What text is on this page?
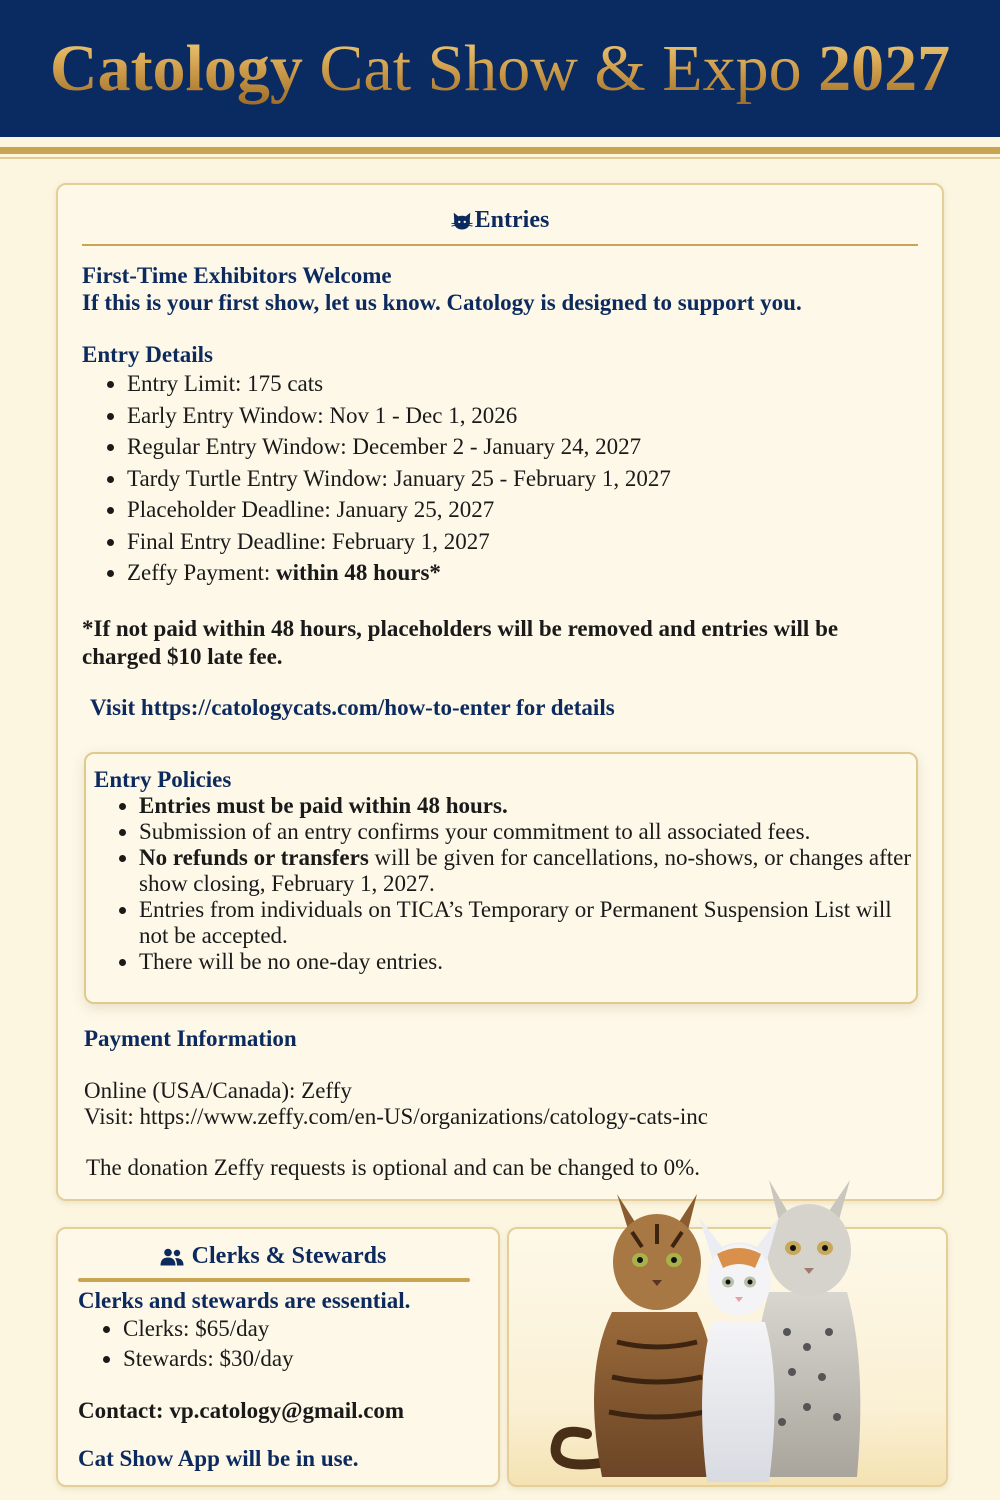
Catology Cat Show & Expo 2027
Entries
First-Time Exhibitors Welcome
If this is your first show, let us know. Catology is designed to support you.
Entry Details
• Entry Limit: 175 cats
• Early Entry Window: Nov 1 - Dec 1, 2026
• Regular Entry Window: December 2 - January 24, 2027
• Tardy Turtle Entry Window: January 25 - February 1, 2027
• Placeholder Deadline: January 25, 2027
• Final Entry Deadline: February 1, 2027
• Zeffy Payment: within 48 hours*
*If not paid within 48 hours, placeholders will be removed and entries will be charged $10 late fee.
Visit https://catologycats.com/how-to-enter for details
Entry Policies
• Entries must be paid within 48 hours.
• Submission of an entry confirms your commitment to all associated fees.
• No refunds or transfers will be given for cancellations, no-shows, or changes after show closing, February 1, 2027.
• Entries from individuals on TICA’s Temporary or Permanent Suspension List will not be accepted.
• There will be no one-day entries.
Payment Information
Online (USA/Canada): Zeffy
Visit: https://www.zeffy.com/en-US/organizations/catology-cats-inc
The donation Zeffy requests is optional and can be changed to 0%.
Clerks & Stewards
Clerks and stewards are essential.
• Clerks: $65/day
• Stewards: $30/day
Contact: vp.catology@gmail.com
Cat Show App will be in use.
